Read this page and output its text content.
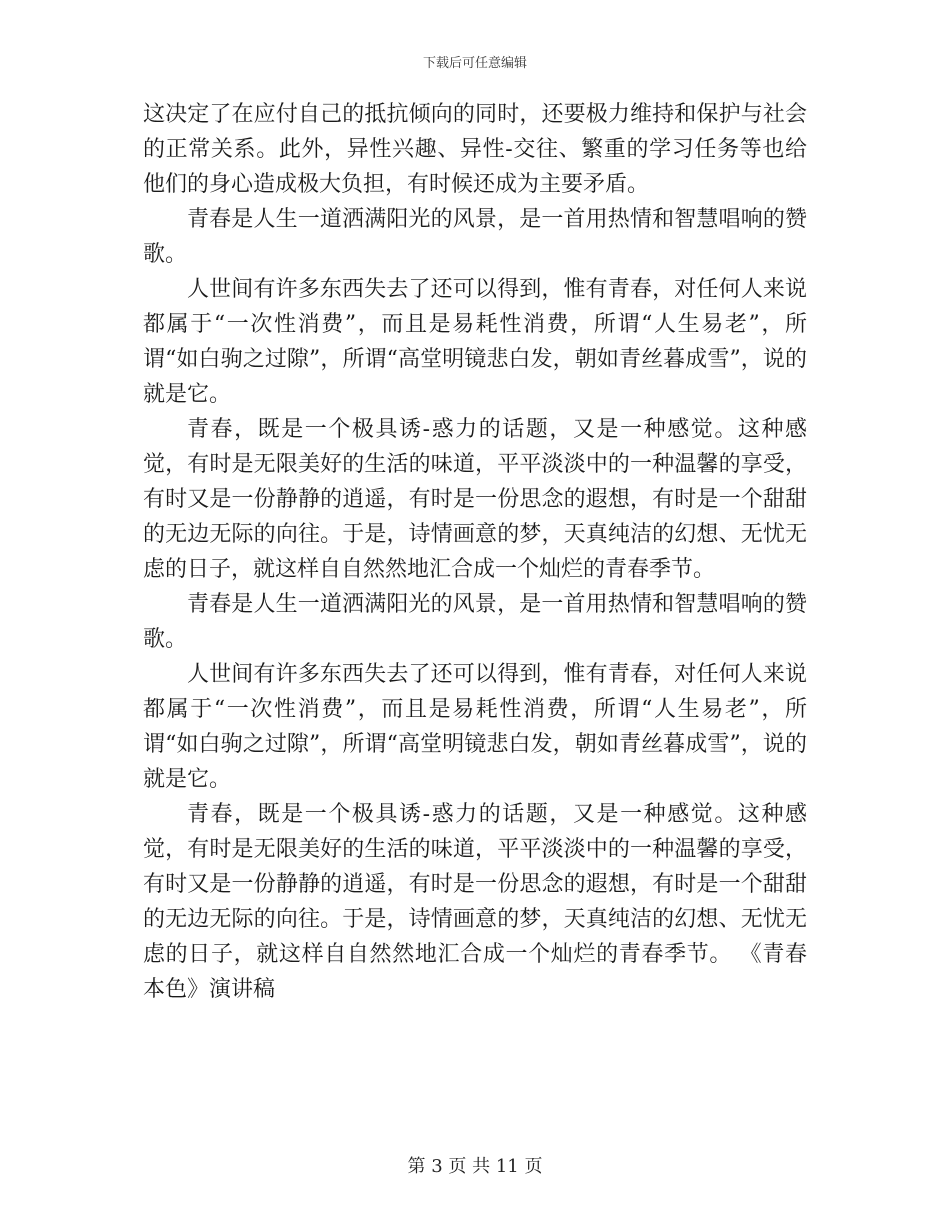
下载后可任意编辑

这决定了在应付自己的抵抗倾向的同时，还要极力维持和保护与社会的正常关系。此外，异性兴趣、异性-交往、繁重的学习任务等也给他们的身心造成极大负担，有时候还成为主要矛盾。

青春是人生一道洒满阳光的风景，是一首用热情和智慧唱响的赞歌。

人世间有许多东西失去了还可以得到，惟有青春，对任何人来说都属于“一次性消费”，而且是易耗性消费，所谓“人生易老”，所谓“如白驹之过隙”，所谓“高堂明镜悲白发，朝如青丝暮成雪”，说的就是它。

青春，既是一个极具诱-惑力的话题，又是一种感觉。这种感觉，有时是无限美好的生活的味道，平平淡淡中的一种温馨的享受，有时又是一份静静的逍遥，有时是一份思念的遐想，有时是一个甜甜的无边无际的向往。于是，诗情画意的梦，天真纯洁的幻想、无忧无虑的日子，就这样自自然然地汇合成一个灿烂的青春季节。

青春是人生一道洒满阳光的风景，是一首用热情和智慧唱响的赞歌。

人世间有许多东西失去了还可以得到，惟有青春，对任何人来说都属于“一次性消费”，而且是易耗性消费，所谓“人生易老”，所谓“如白驹之过隙”，所谓“高堂明镜悲白发，朝如青丝暮成雪”，说的就是它。

青春，既是一个极具诱-惑力的话题，又是一种感觉。这种感觉，有时是无限美好的生活的味道，平平淡淡中的一种温馨的享受，有时又是一份静静的逍遥，有时是一份思念的遐想，有时是一个甜甜的无边无际的向往。于是，诗情画意的梦，天真纯洁的幻想、无忧无虑的日子，就这样自自然然地汇合成一个灿烂的青春季节。 《青春本色》演讲稿

第 3 页 共 11 页
